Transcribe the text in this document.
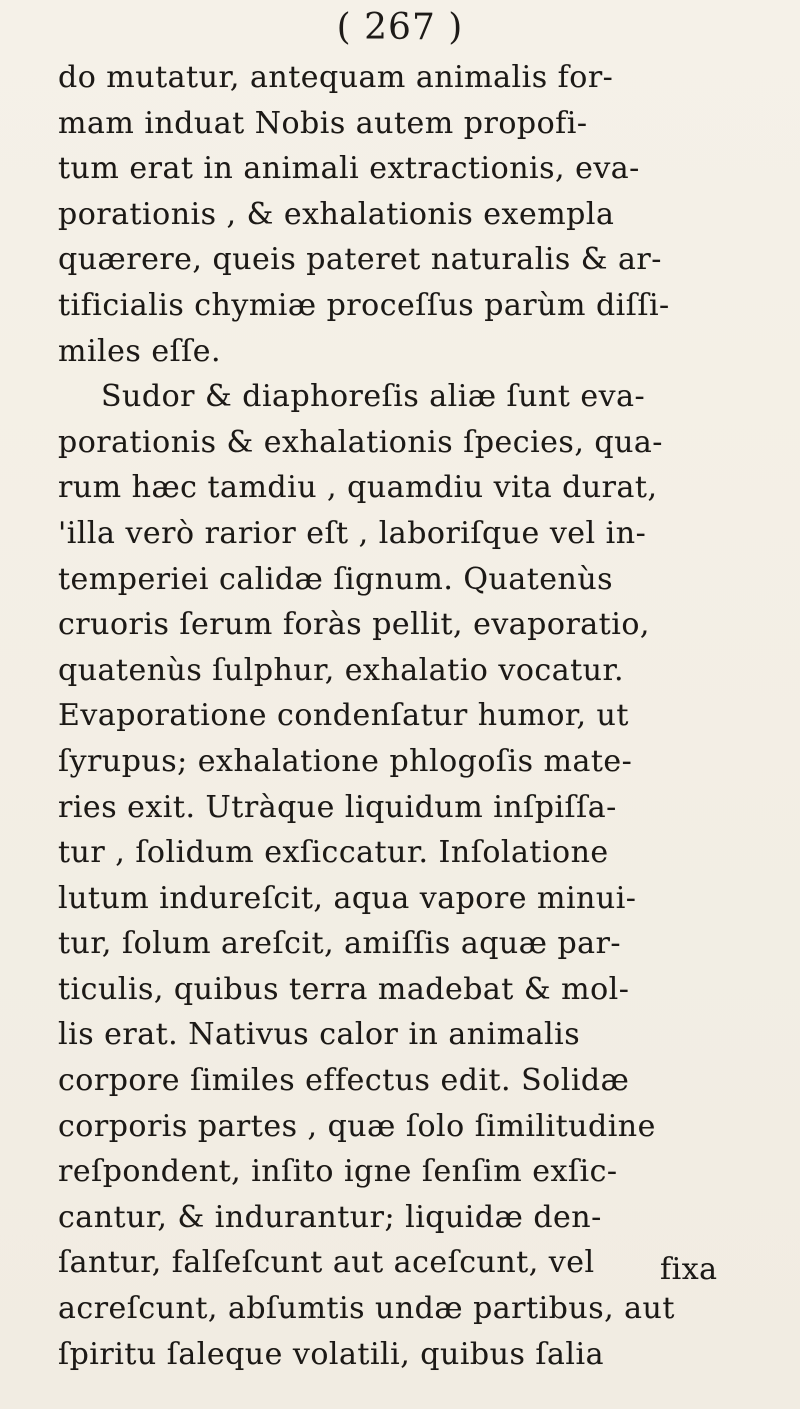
( 267 )
do mutatur, antequam animalis for-
mam induat Nobis autem propofi-
tum erat in animali extractionis, eva-
porationis , & exhalationis exempla
quærere, queis pateret naturalis & ar-
tificialis chymiæ proceſſus parùm diſſi-
miles eſſe.
Sudor & diaphoreſis aliæ ſunt eva-
porationis & exhalationis ſpecies, qua-
rum hæc tamdiu , quamdiu vita durat,
'illa verò rarior eſt , laboriſque vel in-
temperiei calidæ ſignum. Quatenùs
cruoris ſerum foràs pellit, evaporatio,
quatenùs ſulphur, exhalatio vocatur.
Evaporatione condenſatur humor, ut
ſyrupus; exhalatione phlogoſis mate-
ries exit. Utràque liquidum inſpiſſa-
tur , ſolidum exſiccatur. Inſolatione
lutum indureſcit, aqua vapore minui-
tur, ſolum areſcit, amiſſis aquæ par-
ticulis, quibus terra madebat & mol-
lis erat. Nativus calor in animalis
corpore ſimiles effectus edit. Solidæ
corporis partes , quæ ſolo ſimilitudine
reſpondent, inſito igne ſenſim exſic-
cantur, & indurantur; liquidæ den-
ſantur, falſeſcunt aut aceſcunt, vel
acreſcunt, abſumtis undæ partibus, aut
ſpiritu ſaleque volatili, quibus ſalia
fixa
